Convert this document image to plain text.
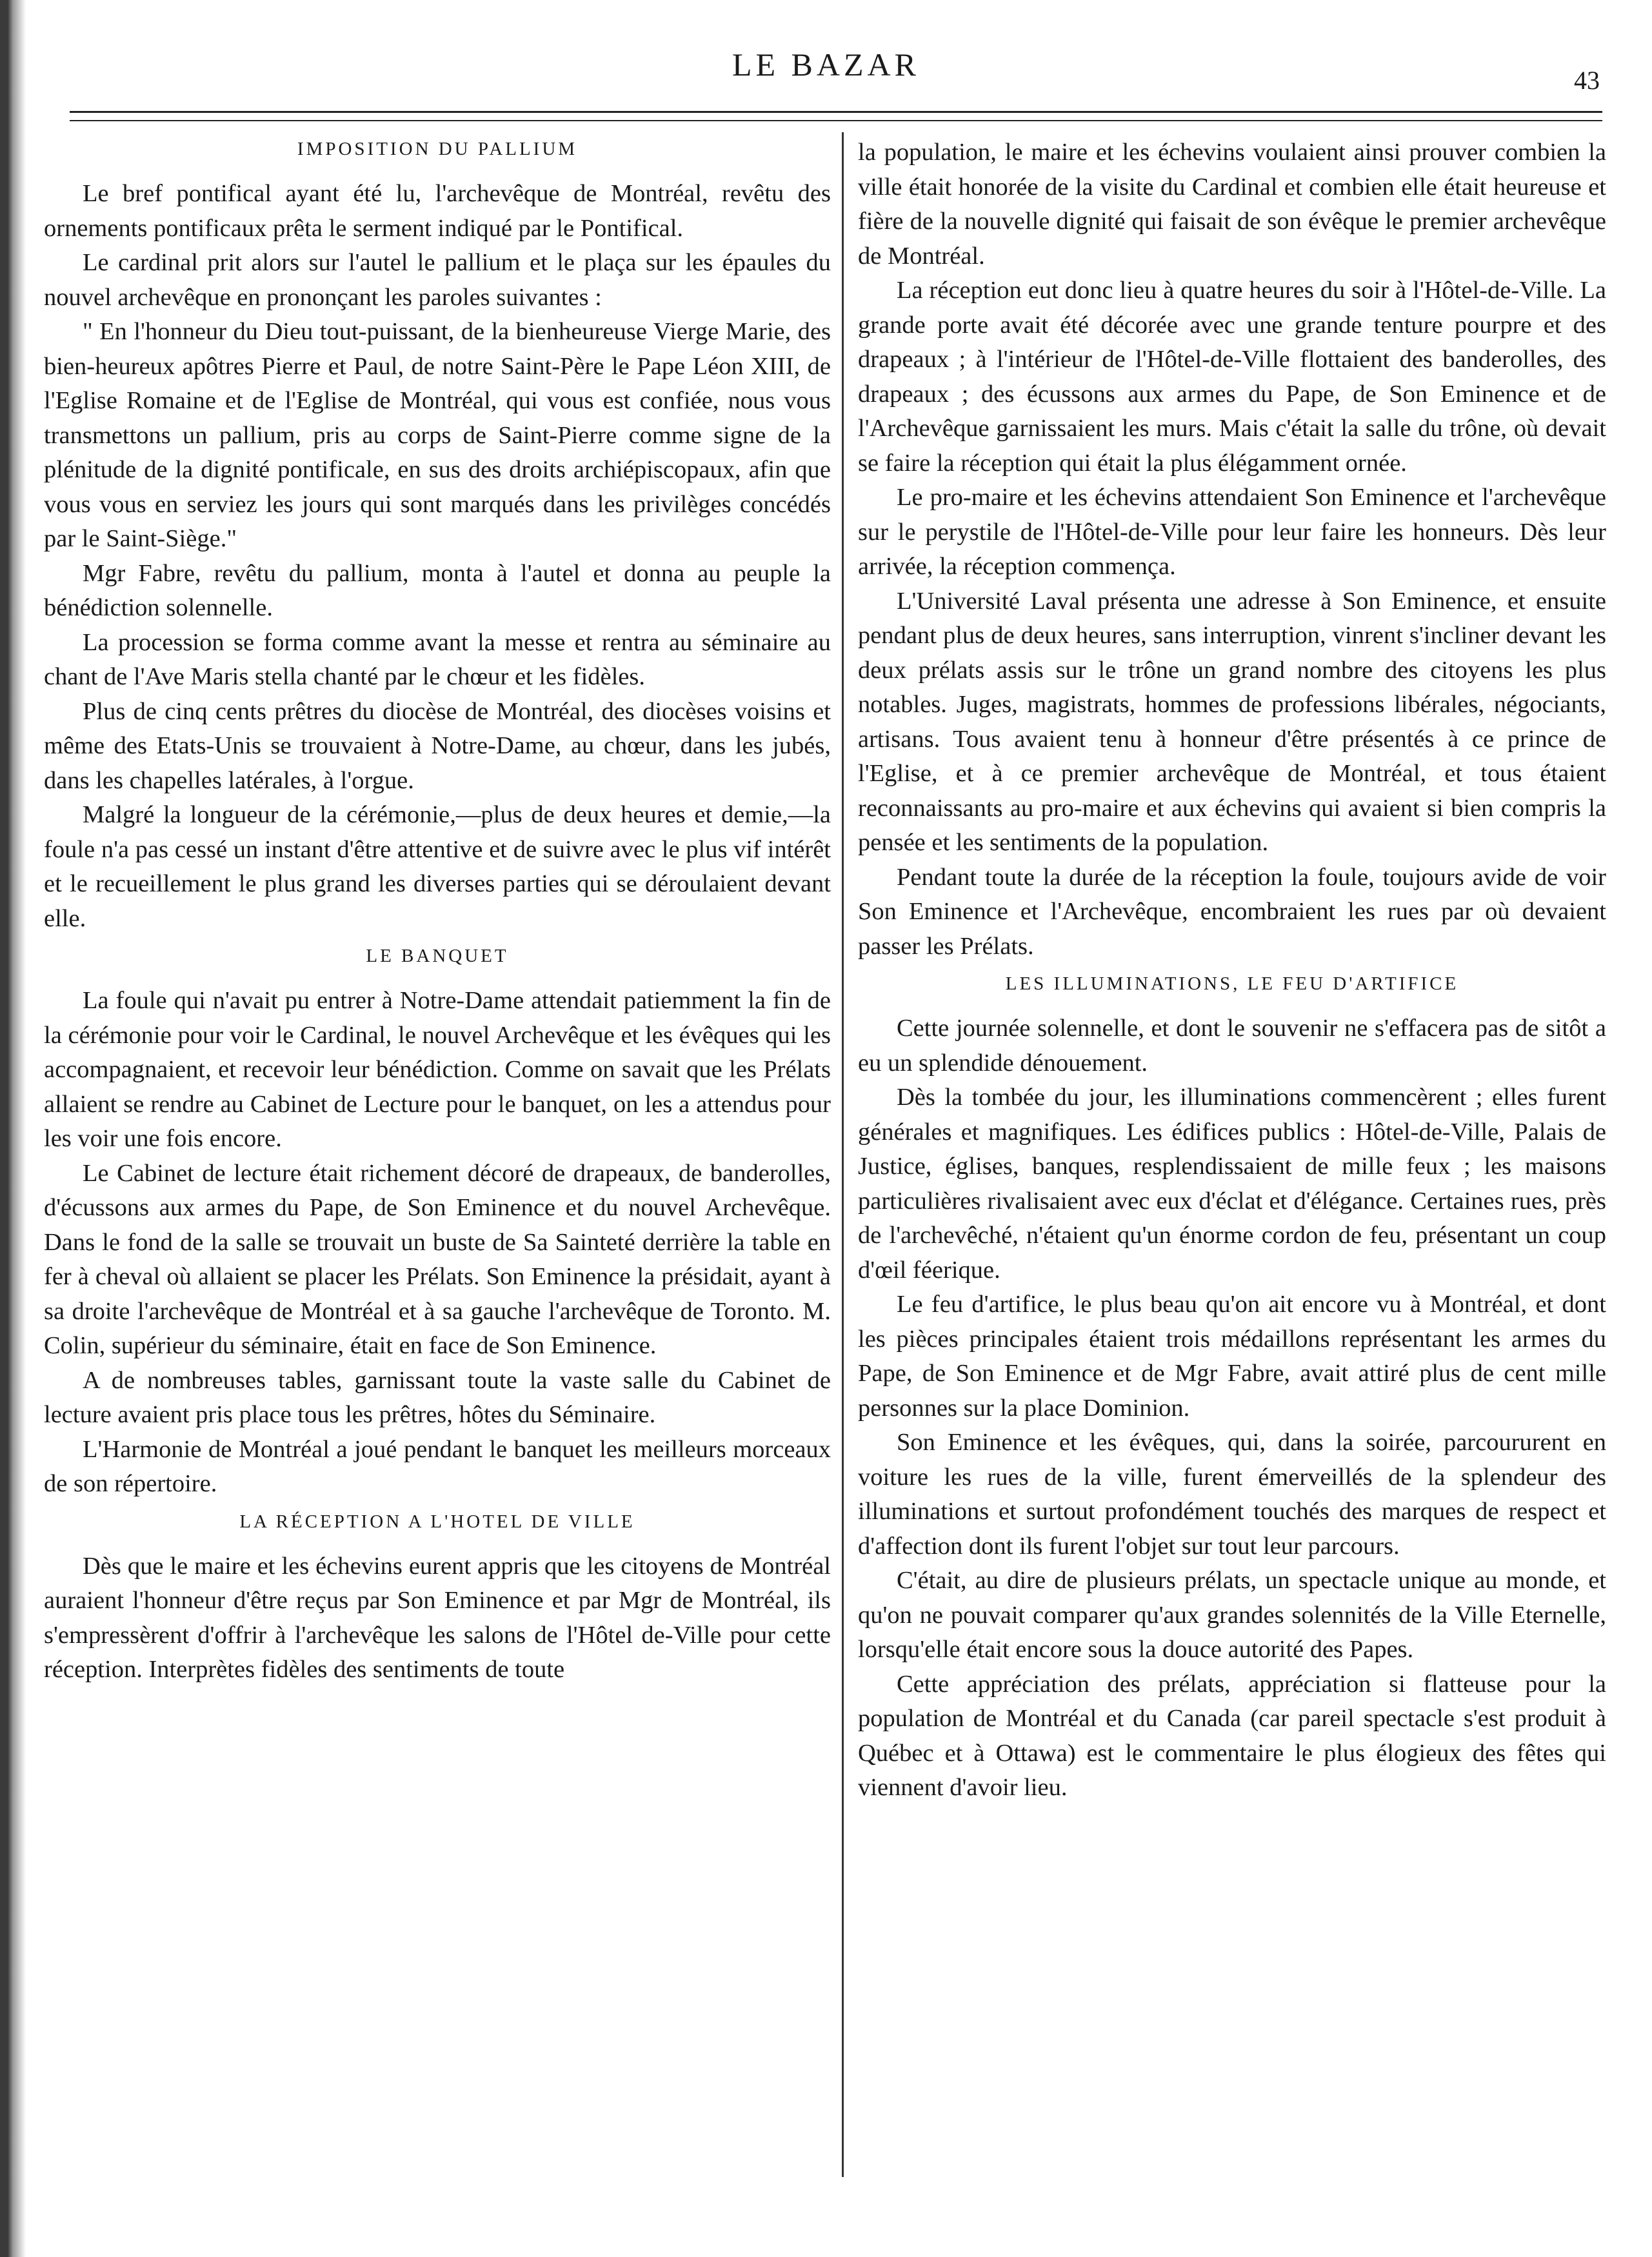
LE BAZAR	43
IMPOSITION DU PALLIUM

Le bref pontifical ayant été lu, l'archevêque de Montréal, revêtu des ornements pontificaux prêta le serment indiqué par le Pontifical.

Le cardinal prit alors sur l'autel le pallium et le plaça sur les épaules du nouvel archevêque en prononçant les paroles suivantes :

" En l'honneur du Dieu tout-puissant, de la bienheureuse Vierge Marie, des bien-heureux apôtres Pierre et Paul, de notre Saint-Père le Pape Léon XIII, de l'Eglise Romaine et de l'Eglise de Montréal, qui vous est confiée, nous vous transmettons un pallium, pris au corps de Saint-Pierre comme signe de la plénitude de la dignité pontificale, en sus des droits archiépiscopaux, afin que vous vous en serviez les jours qui sont marqués dans les privilèges concédés par le Saint-Siège."

Mgr Fabre, revêtu du pallium, monta à l'autel et donna au peuple la bénédiction solennelle.

La procession se forma comme avant la messe et rentra au séminaire au chant de l'Ave Maris stella chanté par le chœur et les fidèles.

Plus de cinq cents prêtres du diocèse de Montréal, des diocèses voisins et même des Etats-Unis se trouvaient à Notre-Dame, au chœur, dans les jubés, dans les chapelles latérales, à l'orgue.

Malgré la longueur de la cérémonie,—plus de deux heures et demie,—la foule n'a pas cessé un instant d'être attentive et de suivre avec le plus vif intérêt et le recueillement le plus grand les diverses parties qui se déroulaient devant elle.

LE BANQUET

La foule qui n'avait pu entrer à Notre-Dame attendait patiemment la fin de la cérémonie pour voir le Cardinal, le nouvel Archevêque et les évêques qui les accompagnaient, et recevoir leur bénédiction. Comme on savait que les Prélats allaient se rendre au Cabinet de Lecture pour le banquet, on les a attendus pour les voir une fois encore.

Le Cabinet de lecture était richement décoré de drapeaux, de banderolles, d'écussons aux armes du Pape, de Son Eminence et du nouvel Archevêque. Dans le fond de la salle se trouvait un buste de Sa Sainteté derrière la table en fer à cheval où allaient se placer les Prélats. Son Eminence la présidait, ayant à sa droite l'archevêque de Montréal et à sa gauche l'archevêque de Toronto. M. Colin, supérieur du séminaire, était en face de Son Eminence.

A de nombreuses tables, garnissant toute la vaste salle du Cabinet de lecture avaient pris place tous les prêtres, hôtes du Séminaire.

L'Harmonie de Montréal a joué pendant le banquet les meilleurs morceaux de son répertoire.

LA RÉCEPTION A L'HOTEL DE VILLE

Dès que le maire et les échevins eurent appris que les citoyens de Montréal auraient l'honneur d'être reçus par Son Eminence et par Mgr de Montréal, ils s'empressèrent d'offrir à l'archevêque les salons de l'Hôtel de-Ville pour cette réception. Interprètes fidèles des sentiments de toute

la population, le maire et les échevins voulaient ainsi prouver combien la ville était honorée de la visite du Cardinal et combien elle était heureuse et fière de la nouvelle dignité qui faisait de son évêque le premier archevêque de Montréal.

La réception eut donc lieu à quatre heures du soir à l'Hôtel-de-Ville. La grande porte avait été décorée avec une grande tenture pourpre et des drapeaux ; à l'intérieur de l'Hôtel-de-Ville flottaient des banderolles, des drapeaux ; des écussons aux armes du Pape, de Son Eminence et de l'Archevêque garnissaient les murs. Mais c'était la salle du trône, où devait se faire la réception qui était la plus élégamment ornée.

Le pro-maire et les échevins attendaient Son Eminence et l'archevêque sur le perystile de l'Hôtel-de-Ville pour leur faire les honneurs. Dès leur arrivée, la réception commença.

L'Université Laval présenta une adresse à Son Eminence, et ensuite pendant plus de deux heures, sans interruption, vinrent s'incliner devant les deux prélats assis sur le trône un grand nombre des citoyens les plus notables. Juges, magistrats, hommes de professions libérales, négociants, artisans. Tous avaient tenu à honneur d'être présentés à ce prince de l'Eglise, et à ce premier archevêque de Montréal, et tous étaient reconnaissants au pro-maire et aux échevins qui avaient si bien compris la pensée et les sentiments de la population.

Pendant toute la durée de la réception la foule, toujours avide de voir Son Eminence et l'Archevêque, encombraient les rues par où devaient passer les Prélats.

LES ILLUMINATIONS, LE FEU D'ARTIFICE

Cette journée solennelle, et dont le souvenir ne s'effacera pas de sitôt a eu un splendide dénouement.

Dès la tombée du jour, les illuminations commencèrent ; elles furent générales et magnifiques. Les édifices publics : Hôtel-de-Ville, Palais de Justice, églises, banques, resplendissaient de mille feux ; les maisons particulières rivalisaient avec eux d'éclat et d'élégance. Certaines rues, près de l'archevêché, n'étaient qu'un énorme cordon de feu, présentant un coup d'œil féerique.

Le feu d'artifice, le plus beau qu'on ait encore vu à Montréal, et dont les pièces principales étaient trois médaillons représentant les armes du Pape, de Son Eminence et de Mgr Fabre, avait attiré plus de cent mille personnes sur la place Dominion.

Son Eminence et les évêques, qui, dans la soirée, parcoururent en voiture les rues de la ville, furent émerveillés de la splendeur des illuminations et surtout profondément touchés des marques de respect et d'affection dont ils furent l'objet sur tout leur parcours.

C'était, au dire de plusieurs prélats, un spectacle unique au monde, et qu'on ne pouvait comparer qu'aux grandes solennités de la Ville Eternelle, lorsqu'elle était encore sous la douce autorité des Papes.

Cette appréciation des prélats, appréciation si flatteuse pour la population de Montréal et du Canada (car pareil spectacle s'est produit à Québec et à Ottawa) est le commentaire le plus élogieux des fêtes qui viennent d'avoir lieu.
